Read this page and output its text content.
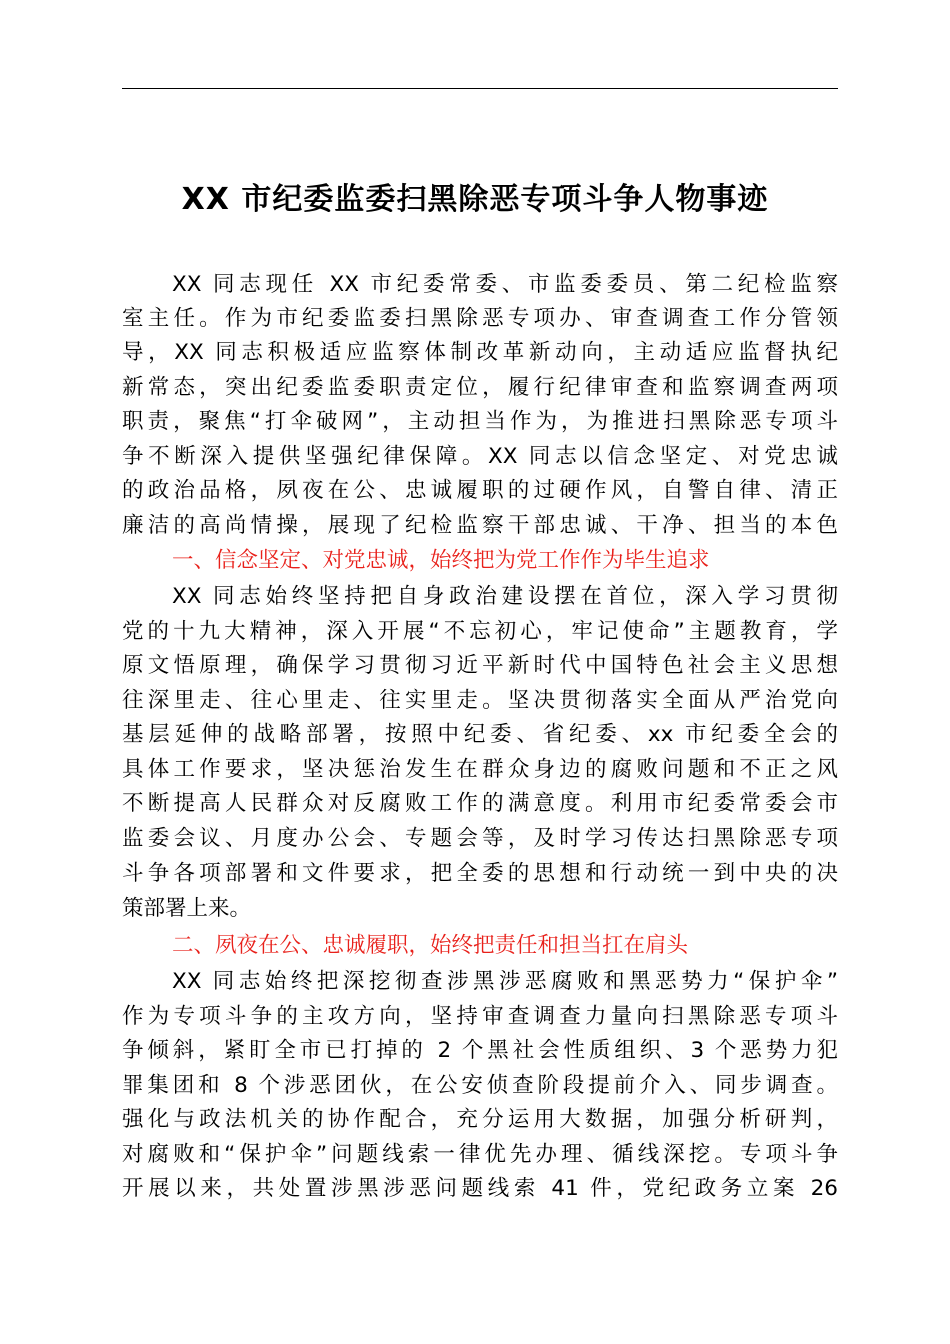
XX 市纪委监委扫黑除恶专项斗争人物事迹
XX 同志现任 XX 市纪委常委、市监委委员、第二纪检监察
室主任。作为市纪委监委扫黑除恶专项办、审查调查工作分管领
导，XX 同志积极适应监察体制改革新动向，主动适应监督执纪
新常态，突出纪委监委职责定位，履行纪律审查和监察调查两项
职责，聚焦“打伞破网”，主动担当作为，为推进扫黑除恶专项斗
争不断深入提供坚强纪律保障。XX 同志以信念坚定、对党忠诚
的政治品格，夙夜在公、忠诚履职的过硬作风，自警自律、清正
廉洁的高尚情操，展现了纪检监察干部忠诚、干净、担当的本色
一、信念坚定、对党忠诚，始终把为党工作作为毕生追求
XX 同志始终坚持把自身政治建设摆在首位，深入学习贯彻
党的十九大精神，深入开展“不忘初心，牢记使命”主题教育，学
原文悟原理，确保学习贯彻习近平新时代中国特色社会主义思想
往深里走、往心里走、往实里走。坚决贯彻落实全面从严治党向
基层延伸的战略部署，按照中纪委、省纪委、xx 市纪委全会的
具体工作要求，坚决惩治发生在群众身边的腐败问题和不正之风
不断提高人民群众对反腐败工作的满意度。利用市纪委常委会市
监委会议、月度办公会、专题会等，及时学习传达扫黑除恶专项
斗争各项部署和文件要求，把全委的思想和行动统一到中央的决
策部署上来。
二、夙夜在公、忠诚履职，始终把责任和担当扛在肩头
XX 同志始终把深挖彻查涉黑涉恶腐败和黑恶势力“保护伞”
作为专项斗争的主攻方向，坚持审查调查力量向扫黑除恶专项斗
争倾斜，紧盯全市已打掉的 2 个黑社会性质组织、3 个恶势力犯
罪集团和 8 个涉恶团伙，在公安侦查阶段提前介入、同步调查。
强化与政法机关的协作配合，充分运用大数据，加强分析研判，
对腐败和“保护伞”问题线索一律优先办理、循线深挖。专项斗争
开展以来，共处置涉黑涉恶问题线索 41 件，党纪政务立案 26
